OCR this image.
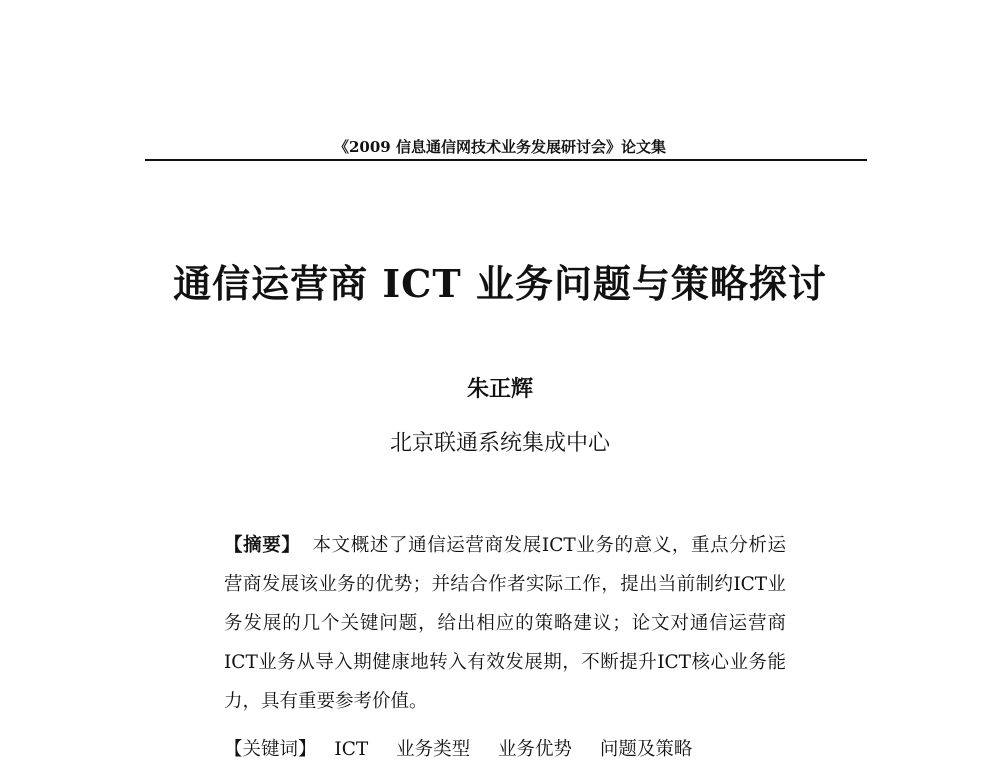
《2009 信息通信网技术业务发展研讨会》论文集
通信运营商 ICT 业务问题与策略探讨
朱正辉
北京联通系统集成中心
【摘要】 本文概述了通信运营商发展ICT业务的意义，重点分析运营商发展该业务的优势；并结合作者实际工作，提出当前制约ICT业务发展的几个关键问题，给出相应的策略建议；论文对通信运营商ICT业务从导入期健康地转入有效发展期，不断提升ICT核心业务能力，具有重要参考价值。
【关键词】 ICT 业务类型 业务优势 问题及策略
